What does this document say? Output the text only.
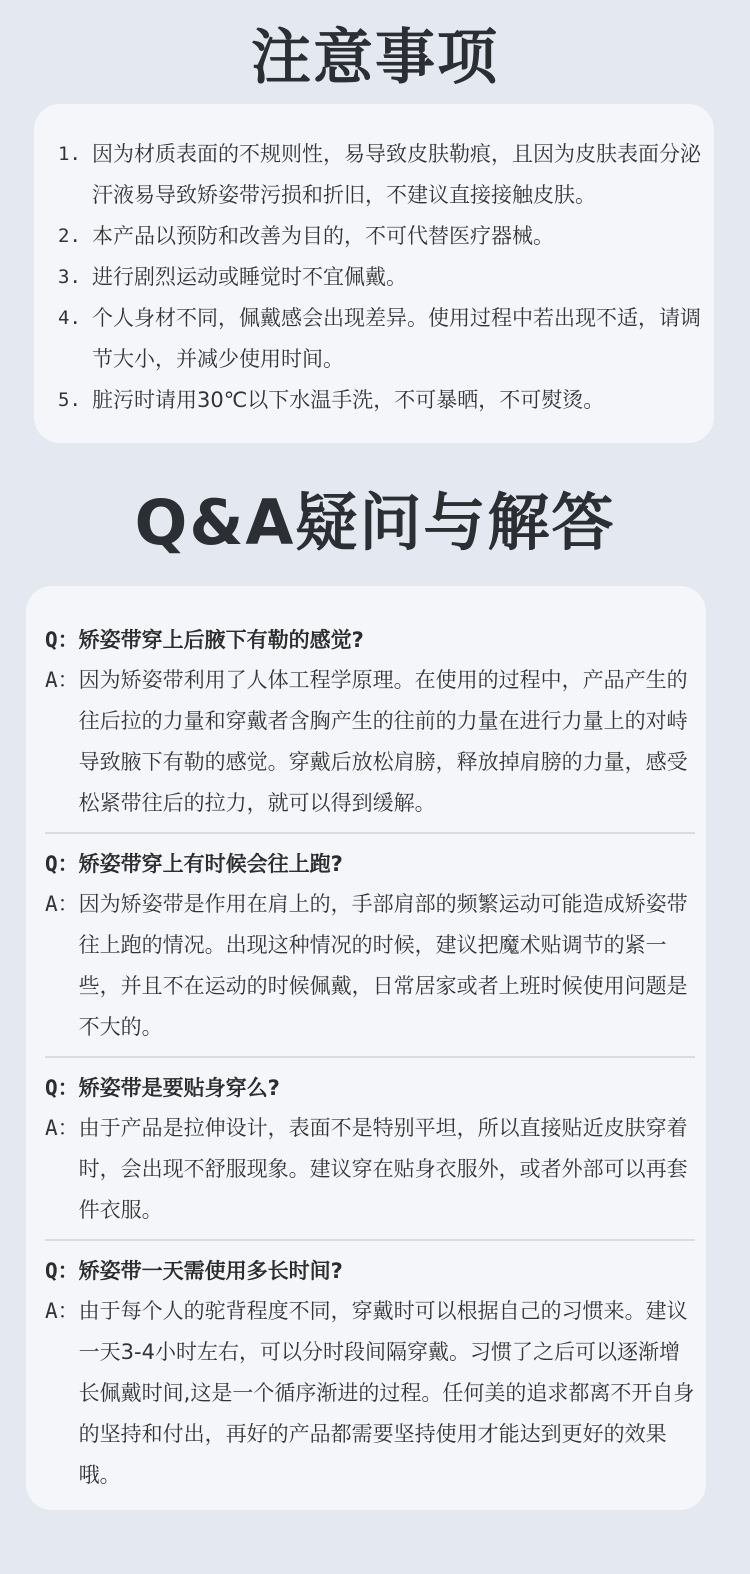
注意事项

1. 因为材质表面的不规则性，易导致皮肤勒痕，且因为皮肤表面分泌汗液易导致矫姿带污损和折旧，不建议直接接触皮肤。

2. 本产品以预防和改善为目的，不可代替医疗器械。

3. 进行剧烈运动或睡觉时不宜佩戴。

4. 个人身材不同，佩戴感会出现差异。使用过程中若出现不适，请调节大小，并减少使用时间。

5. 脏污时请用30℃以下水温手洗，不可暴晒，不可熨烫。

Q&A疑问与解答
Q： 矫姿带穿上后腋下有勒的感觉?
A： 因为矫姿带利用了人体工程学原理。在使用的过程中，产品产生的往后拉的力量和穿戴者含胸产生的往前的力量在进行力量上的对峙导致腋下有勒的感觉。穿戴后放松肩膀，释放掉肩膀的力量，感受松紧带往后的拉力，就可以得到缓解。
Q： 矫姿带穿上有时候会往上跑?
A： 因为矫姿带是作用在肩上的，手部肩部的频繁运动可能造成矫姿带往上跑的情况。出现这种情况的时候，建议把魔术贴调节的紧一些，并且不在运动的时候佩戴，日常居家或者上班时候使用问题是不大的。
Q： 矫姿带是要贴身穿么?
A： 由于产品是拉伸设计，表面不是特别平坦，所以直接贴近皮肤穿着时，会出现不舒服现象。建议穿在贴身衣服外，或者外部可以再套件衣服。
Q： 矫姿带一天需使用多长时间?
A： 由于每个人的驼背程度不同，穿戴时可以根据自己的习惯来。建议一天3-4小时左右，可以分时段间隔穿戴。习惯了之后可以逐渐增长佩戴时间,这是一个循序渐进的过程。任何美的追求都离不开自身的坚持和付出，再好的产品都需要坚持使用才能达到更好的效果哦。
